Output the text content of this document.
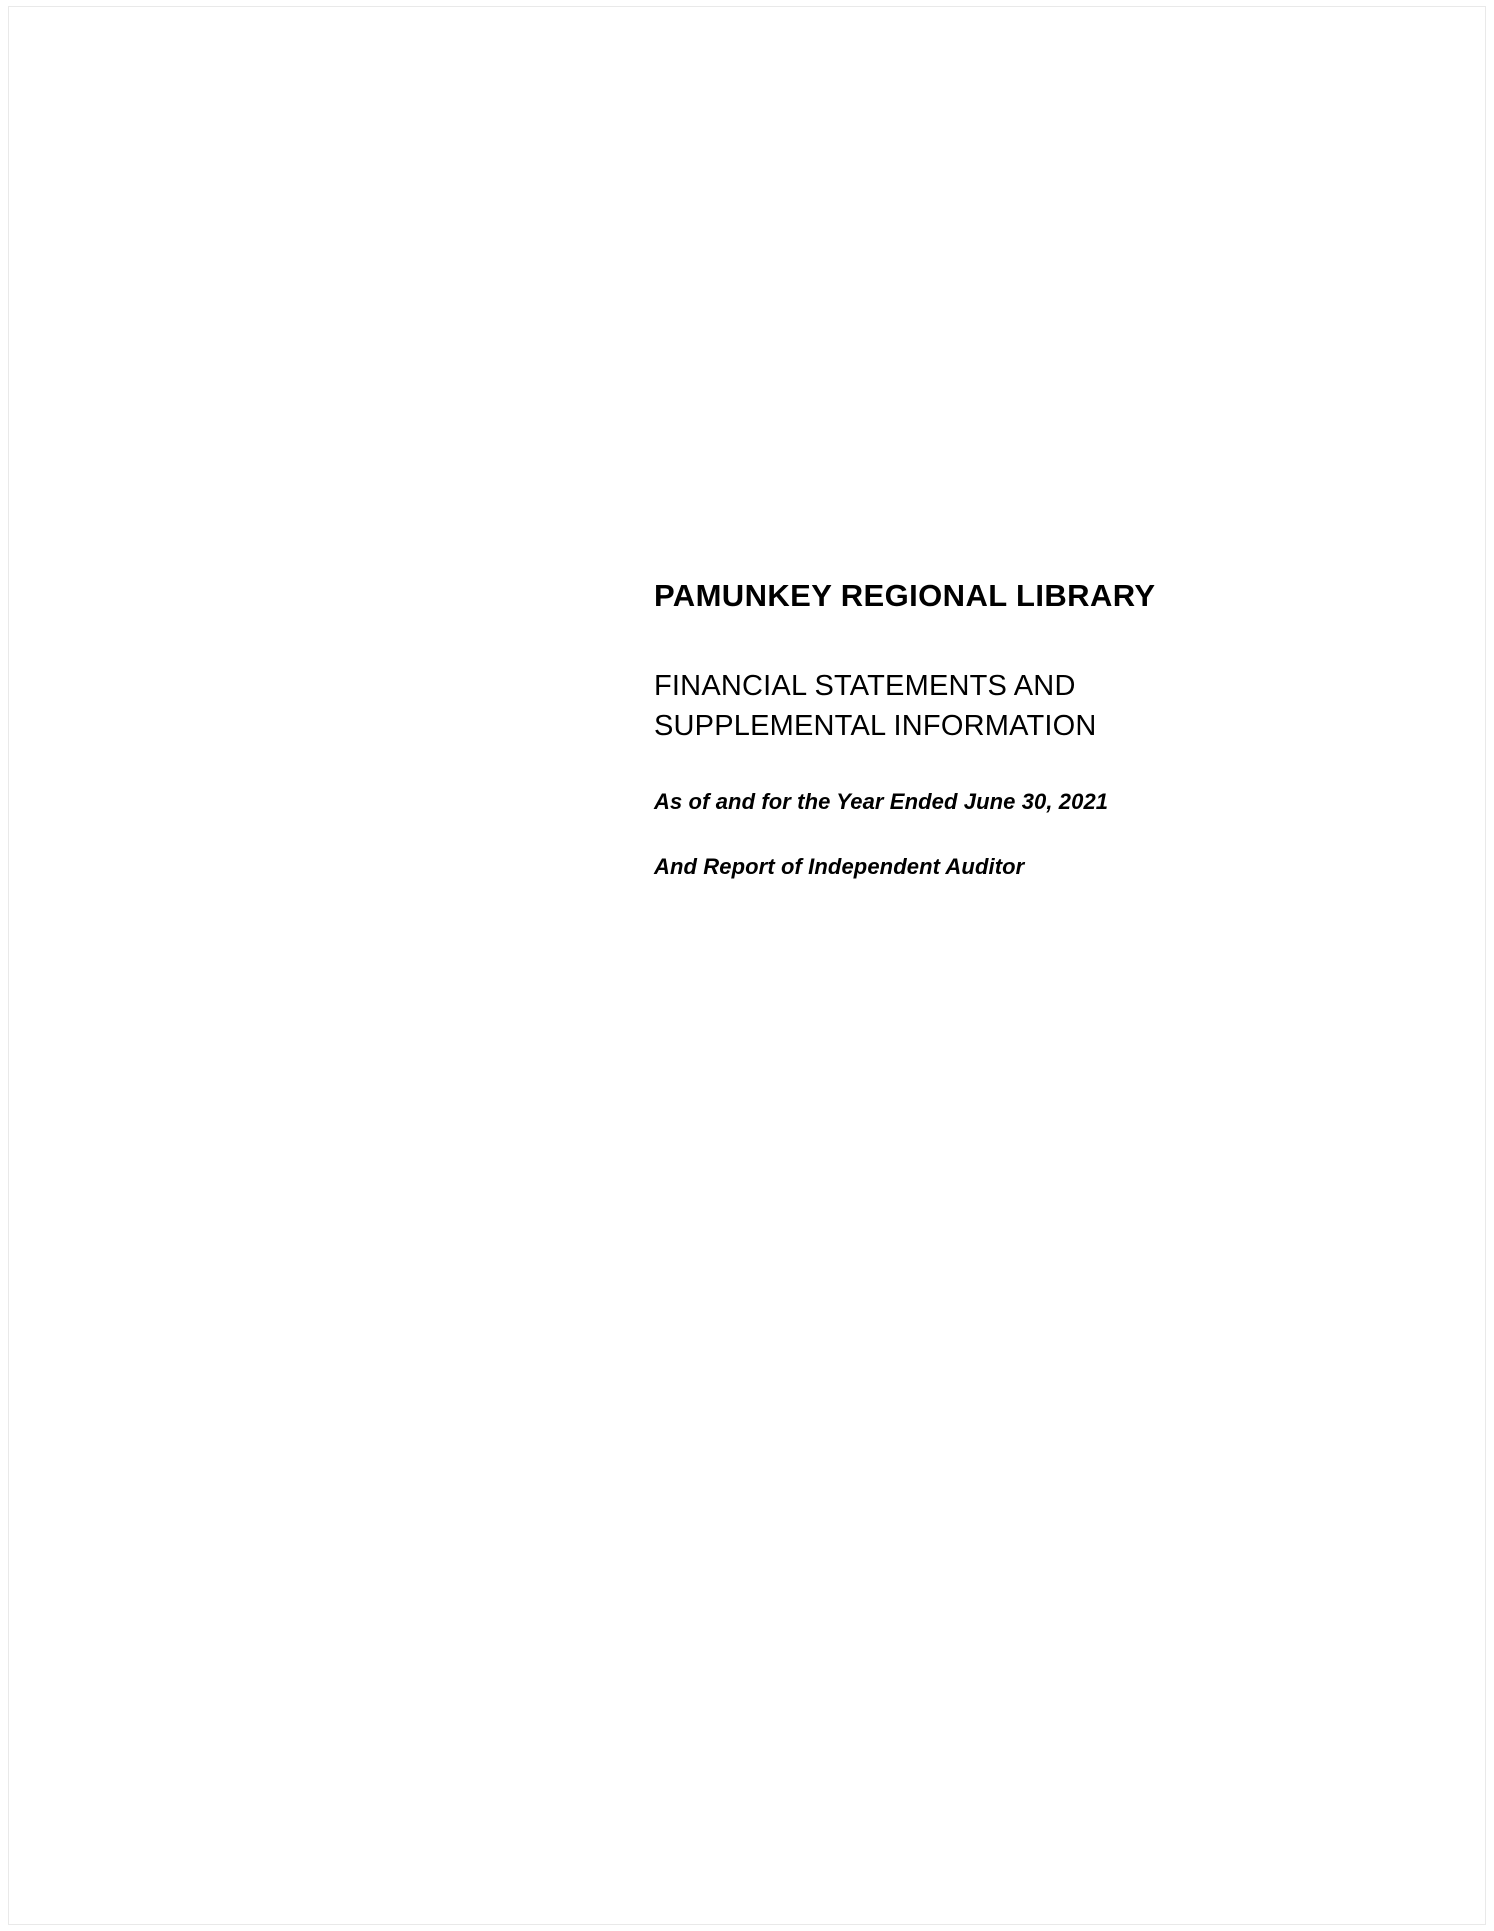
PAMUNKEY REGIONAL LIBRARY
FINANCIAL STATEMENTS AND
SUPPLEMENTAL INFORMATION
As of and for the Year Ended June 30, 2021
And Report of Independent Auditor
